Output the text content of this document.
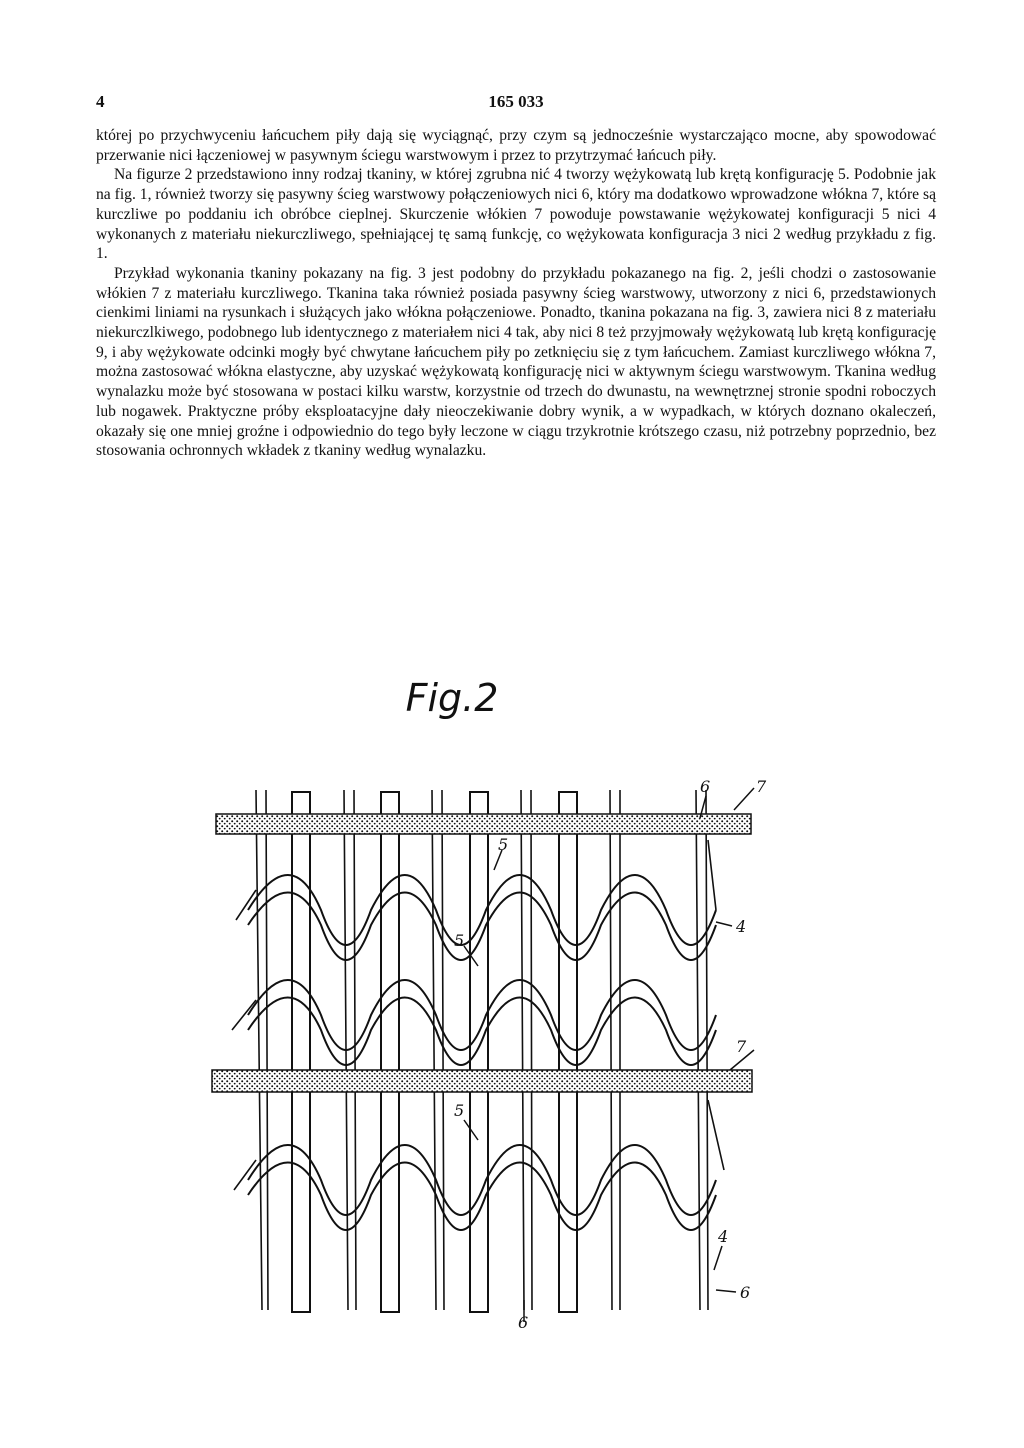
4	165 033

której po przychwyceniu łańcuchem piły dają się wyciągnąć, przy czym są jednocześnie wystarczająco mocne, aby spowodować przerwanie nici łączeniowej w pasywnym ściegu warstwowym i przez to przytrzymać łańcuch piły.

Na figurze 2 przedstawiono inny rodzaj tkaniny, w której zgrubna nić 4 tworzy wężykowatą lub krętą konfigurację 5. Podobnie jak na fig. 1, również tworzy się pasywny ścieg warstwowy połączeniowych nici 6, który ma dodatkowo wprowadzone włókna 7, które są kurczliwe po poddaniu ich obróbce cieplnej. Skurczenie włókien 7 powoduje powstawanie wężykowatej konfiguracji 5 nici 4 wykonanych z materiału niekurczliwego, spełniającej tę samą funkcję, co wężykowata konfiguracja 3 nici 2 według przykładu z fig. 1.

Przykład wykonania tkaniny pokazany na fig. 3 jest podobny do przykładu pokazanego na fig. 2, jeśli chodzi o zastosowanie włókien 7 z materiału kurczliwego. Tkanina taka również posiada pasywny ścieg warstwowy, utworzony z nici 6, przedstawionych cienkimi liniami na rysunkach i służących jako włókna połączeniowe. Ponadto, tkanina pokazana na fig. 3, zawiera nici 8 z materiału niekurczlkiwego, podobnego lub identycznego z materiałem nici 4 tak, aby nici 8 też przyjmowały wężykowatą lub krętą konfigurację 9, i aby wężykowate odcinki mogły być chwytane łańcuchem piły po zetknięciu się z tym łańcuchem. Zamiast kurczliwego włókna 7, można zastosować włókna elastyczne, aby uzyskać wężykowatą konfigurację nici w aktywnym ściegu warstwowym. Tkanina według wynalazku może być stosowana w postaci kilku warstw, korzystnie od trzech do dwunastu, na wewnętrznej stronie spodni roboczych lub nogawek. Praktyczne próby eksploatacyjne dały nieoczekiwanie dobry wynik, a w wypadkach, w których doznano okaleczeń, okazały się one mniej groźne i odpowiednio do tego były leczone w ciągu trzykrotnie krótszego czasu, niż potrzebny poprzednio, bez stosowania ochronnych wkładek z tkaniny według wynalazku.

Fig.2
6	7
5
4
5
7
5
4
6
6
